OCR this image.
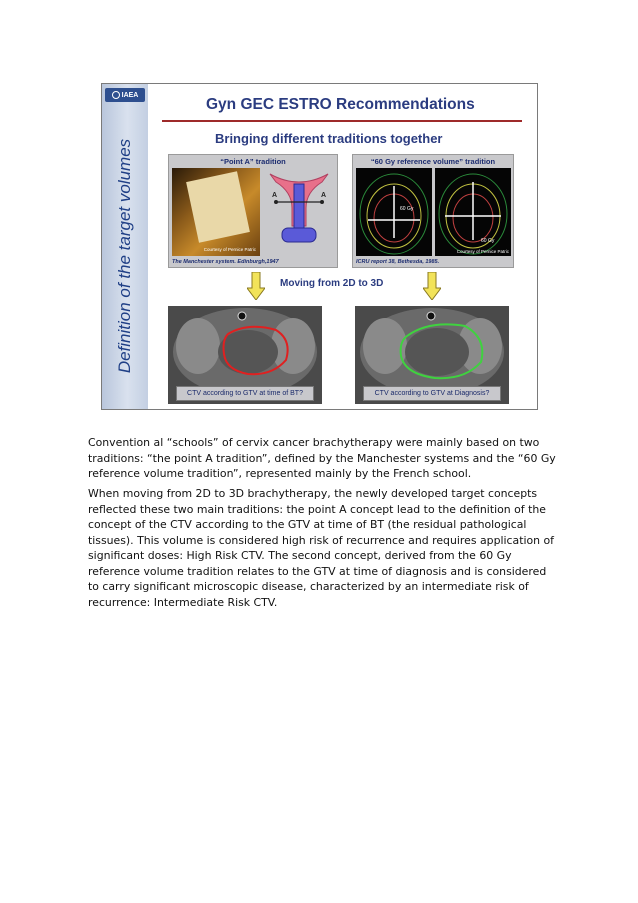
IAEA
Definition of the target volumes
Gyn GEC ESTRO Recommendations
Bringing different traditions together
“Point A” tradition
Courtesy of Pernice Patric
A	A
The Manchester system. Edinburgh,1947
“60 Gy reference volume” tradition
60 Gy
60 Gy
Courtesy of Pernice Patric
ICRU report 38, Bethesda, 1985.
Moving from 2D to 3D
CTV according to GTV at time of BT?	CTV according to GTV at Diagnosis?

Convention al “schools” of cervix cancer brachytherapy were mainly based on two traditions: “the point A tradition”, defined by the Manchester systems and the “60 Gy reference volume tradition”, represented mainly by the French school.

When moving from 2D to 3D brachytherapy, the newly developed target concepts reflected these two main traditions: the point A concept lead to the definition of the concept of the CTV according to the GTV at time of BT (the residual pathological tissues). This volume is considered high risk of recurrence and requires application of significant doses: High Risk CTV. The second concept, derived from the 60 Gy reference volume tradition relates to the GTV at time of diagnosis and is considered to carry significant microscopic disease, characterized by an intermediate risk of recurrence: Intermediate Risk CTV.
